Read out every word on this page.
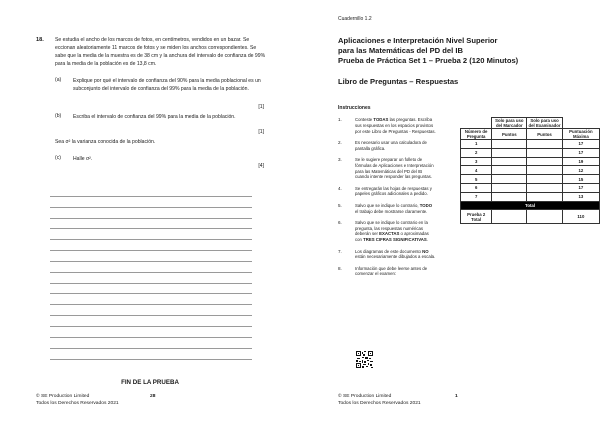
18. Se estudia el ancho de los marcos de fotos, en centímetros, vendidos en un bazar. Se eccionan aleatoriamente 11 marcos de fotos y se miden los anchos correspondientes. Se sabe que la media de la muestra es de 38 cm y la anchura del intervalo de confianza de 99% para la media de la población es de 13,8 cm.
(a) Explique por qué el intervalo de confianza del 90% para la media poblacional es un subconjunto del intervalo de confianza del 99% para la media de la población.
[1]
(b) Escriba el intervalo de confianza del 99% para la media de la población.
[1]
Sea σ² la varianza conocida de la población.
(c) Halle σ².
[4]
FIN DE LA PRUEBA
© SE Production Limited
Todos los Derechos Reservados 2021
28
Cuadernillo 1.2
Aplicaciones e Interpretación Nivel Superior
para las Matemáticas del PD del IB
Prueba de Práctica Set 1 – Prueba 2 (120 Minutos)
Libro de Preguntas – Respuestas
Instrucciones
1.	Conteste TODAS las preguntas. Escriba sus respuestas en los espacios provistos por este Libro de Preguntas - Respuestas.
2.	Es necesario usar una calculadora de pantalla gráfica.
3.	Se le sugiere preparar un folleto de fórmulas de Aplicaciones e Interpretación para las Matemáticas del PD del IB cuando intente responder las preguntas.
4.	Se entregarán las hojas de respuestas y papeles gráficos adicionales a pedido.
5.	Salvo que se indique lo contrario, TODO el trabajo debe mostrarse claramente.
6.	Salvo que se indique lo contrario en la pregunta, las respuestas numéricas deberán ser EXACTAS o aproximadas con TRES CIFRAS SIGNIFICATIVAS.
7.	Los diagramas de este documento NO están necesariamente dibujados a escala.
8.	Información que debe leerse antes de comenzar el examen:
	Solo para uso del Marcador	Solo para uso del Examinador	
Número de Pregunta	Puntos	Puntos	Puntuación Máxima
1			17
2			17
3			19
4			12
5			15
6			17
7			13
Total			
Prueba 2 Total			110
© SE Production Limited
Todos los Derechos Reservados 2021
1
